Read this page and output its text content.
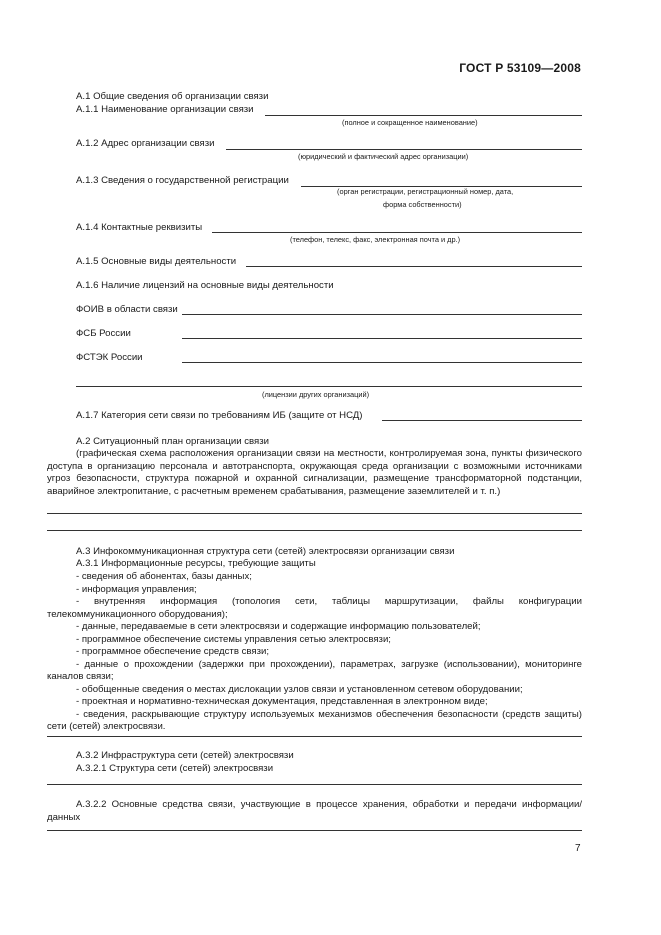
ГОСТ Р 53109—2008
А.1 Общие сведения об организации связи
А.1.1 Наименование организации связи
(полное и сокращенное наименование)
А.1.2 Адрес организации связи
(юридический и фактический адрес организации)
А.1.3 Сведения о государственной регистрации
(орган регистрации, регистрационный номер, дата,
форма собственности)
А.1.4 Контактные реквизиты
(телефон, телекс, факс, электронная почта и др.)
А.1.5 Основные виды деятельности
А.1.6 Наличие лицензий на основные виды деятельности
ФОИВ в области связи
ФСБ России
ФСТЭК России
(лицензии других организаций)
А.1.7 Категория сети связи по требованиям ИБ (защите от НСД)
А.2 Ситуационный план организации связи
(графическая схема расположения организации связи на местности, контролируемая зона, пункты физического доступа в организацию персонала и автотранспорта, окружающая среда организации с возможными источниками угроз безопасности, структура пожарной и охранной сигнализации, размещение трансформаторной подстанции, аварийное электропитание, с расчетным временем срабатывания, размещение заземлителей и т. п.)
А.3 Инфокоммуникационная структура сети (сетей) электросвязи организации связи
А.3.1 Информационные ресурсы, требующие защиты
- сведения об абонентах, базы данных;
- информация управления;
- внутренняя информация (топология сети, таблицы маршрутизации, файлы конфигурации телекоммуникационного оборудования);
- данные, передаваемые в сети электросвязи и содержащие информацию пользователей;
- программное обеспечение системы управления сетью электросвязи;
- программное обеспечение средств связи;
- данные о прохождении (задержки при прохождении), параметрах, загрузке (использовании), мониторинге каналов связи;
- обобщенные сведения о местах дислокации узлов связи и установленном сетевом оборудовании;
- проектная и нормативно-техническая документация, представленная в электронном виде;
- сведения, раскрывающие структуру используемых механизмов обеспечения безопасности (средств защиты) сети (сетей) электросвязи.
А.3.2 Инфраструктура сети (сетей) электросвязи
А.3.2.1 Структура сети (сетей) электросвязи
А.3.2.2 Основные средства связи, участвующие в процессе хранения, обработки и передачи информации/данных
7
